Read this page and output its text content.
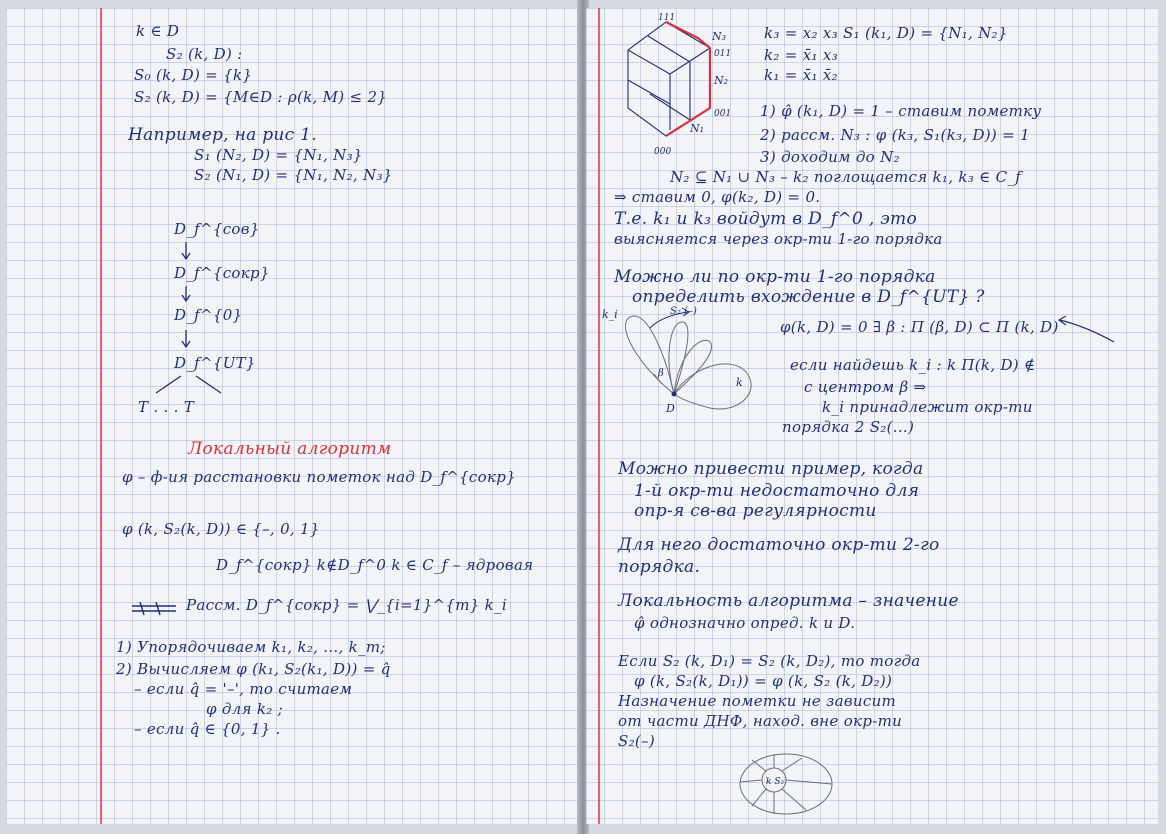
k ∈ D
S₂ (k, D) :
S₀ (k, D) = {k}
S₂ (k, D) = {M∈D : ρ(k, M) ≤ 2}
Например, на рис 1.
S₁ (N₂, D) = {N₁, N₃}
S₂ (N₁, D) = {N₁, N₂, N₃}
D_f^{сов}
D_f^{сокр}
D_f^{0}
D_f^{UT}
T . . . T
Локальный алгоритм
φ – ф-ия расстановки пометок над D_f^{сокр}
φ (k, S₂(k, D)) ∈ {–, 0, 1}
D_f^{сокр} k∉D_f^0 k ∈ C_f – ядровая
Рассм. D_f^{сокр} = ⋁_{i=1}^{m} k_i
1) Упорядочиваем k₁, k₂, ..., k_m;
2) Вычисляем φ (k₁, S₂(k₁, D)) = q̂
– если q̂ = '–', то считаем
φ для k₂ ;
– если q̂ ∈ {0, 1} .
111
N₃
011
N₂
001
N₁
000
k₃ = x₂ x₃ S₁ (k₁, D) = {N₁, N₂}
k₂ = x̄₁ x₃
k₁ = x̄₁ x̄₂
1) φ̂ (k₁, D) = 1 – ставим пометку
2) рассм. N₃ : φ (k₃, S₁(k₃, D)) = 1
3) доходим до N₂
N₂ ⊆ N₁ ∪ N₃ – k₂ поглощается k₁, k₃ ∈ C_f
⇒ ставим 0, φ(k₂, D) = 0.
Т.е. k₁ и k₃ войдут в D_f^0 , это
выясняется через окр-ти 1-го порядка
Можно ли по окр-ти 1-го порядка
определить вхождение в D_f^{UT} ?
k_i	S₂ (–)
β
k
D
φ(k, D) = 0 ∃ β : Π (β, D) ⊂ Π (k, D)
если найдешь k_i : k Π(k, D) ∉
с центром β ⇒
k_i принадлежит окр-ти
порядка 2 S₂(...)
Можно привести пример, когда
1-й окр-ти недостаточно для
опр-я св-ва регулярности
Для него достаточно окр-ти 2-го
порядка.
Локальность алгоритма – значение
φ̂ однозначно опред. k и D.
Если S₂ (k, D₁) = S₂ (k, D₂), то тогда
φ (k, S₂(k, D₁)) = φ (k, S₂ (k, D₂))
Назначение пометки не зависит
от части ДНФ, наход. вне окр-ти
S₂(–)
k S₂
